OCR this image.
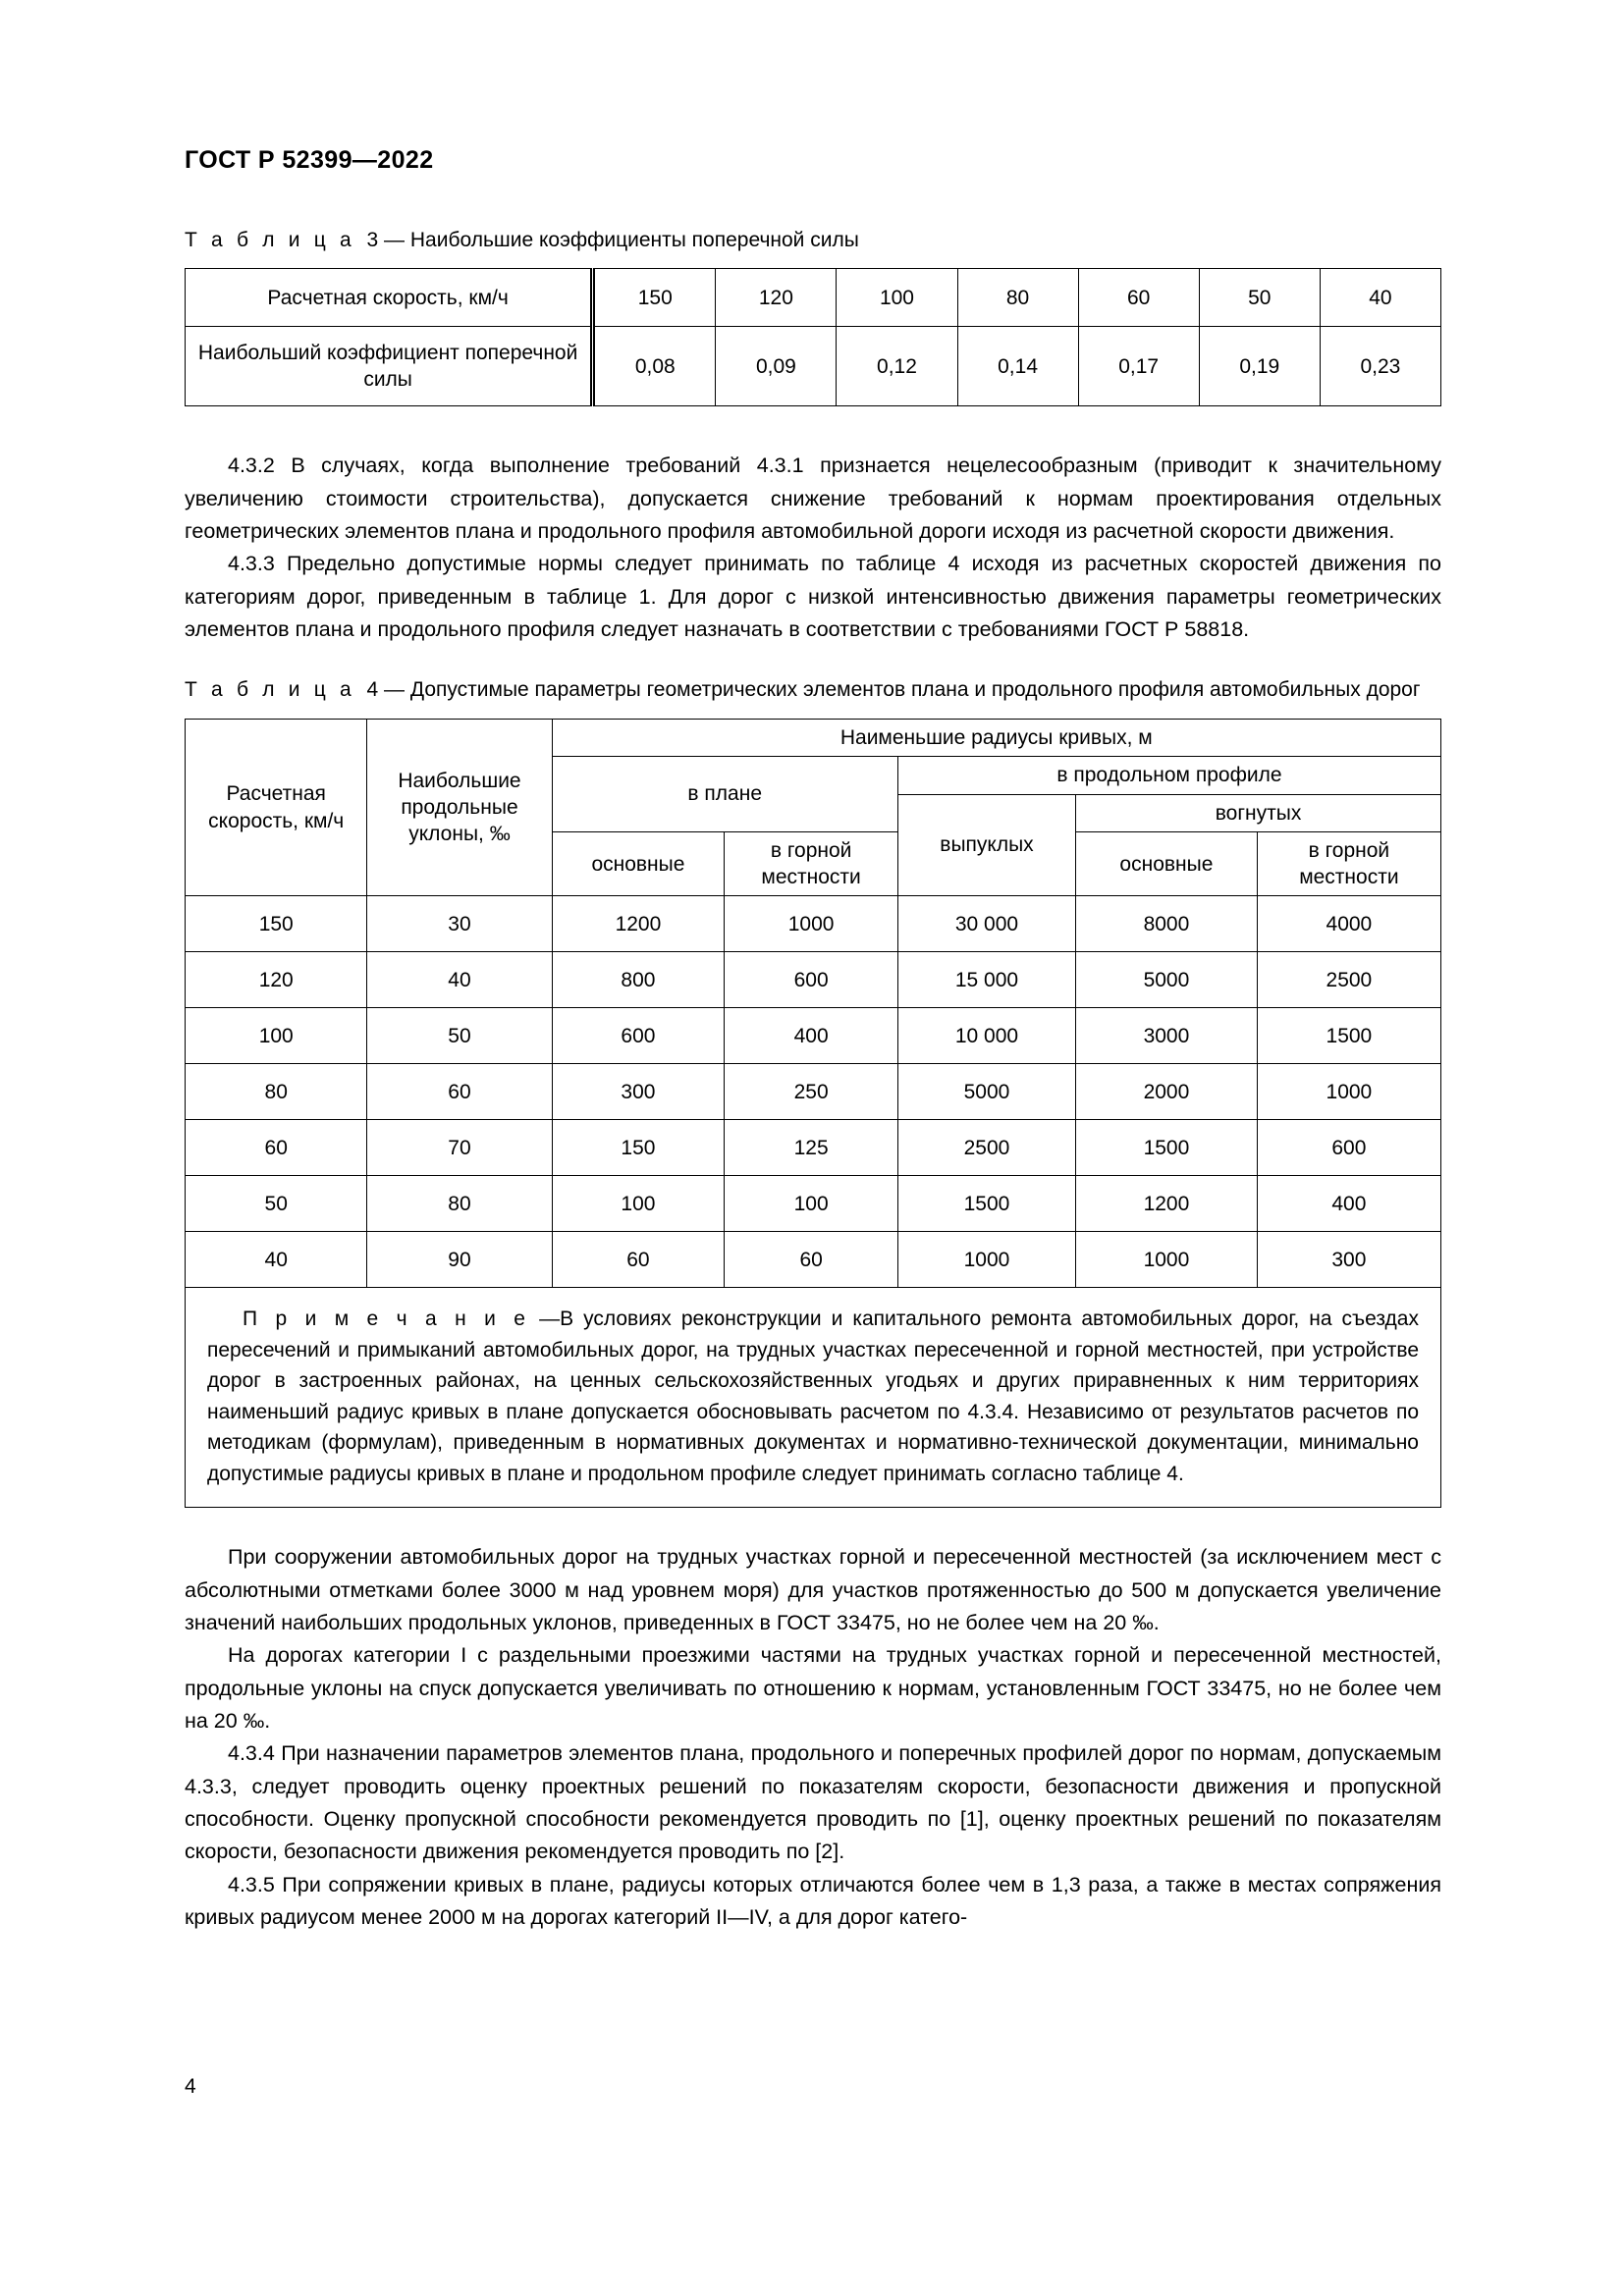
ГОСТ Р 52399—2022
Т а б л и ц а 3 — Наибольшие коэффициенты поперечной силы
Расчетная скорость, км/ч	150	120	100	80	60	50	40
Наибольший коэффициент поперечной силы	0,08	0,09	0,12	0,14	0,17	0,19	0,23

4.3.2 В случаях, когда выполнение требований 4.3.1 признается нецелесообразным (приводит к значительному увеличению стоимости строительства), допускается снижение требований к нормам проектирования отдельных геометрических элементов плана и продольного профиля автомобильной дороги исходя из расчетной скорости движения.

4.3.3 Предельно допустимые нормы следует принимать по таблице 4 исходя из расчетных скоростей движения по категориям дорог, приведенным в таблице 1. Для дорог с низкой интенсивностью движения параметры геометрических элементов плана и продольного профиля следует назначать в соответствии с требованиями ГОСТ Р 58818.

Т а б л и ц а 4 — Допустимые параметры геометрических элементов плана и продольного профиля автомобильных дорог
Расчетная скорость, км/ч	Наибольшие продольные уклоны, ‰	Наименьшие радиусы кривых, м				
		в плане		в продольном профиле		
				выпуклых	вогнутых	
		основные	в горной местности		основные	в горной местности
150	30	1200	1000	30 000	8000	4000
120	40	800	600	15 000	5000	2500
100	50	600	400	10 000	3000	1500
80	60	300	250	5000	2000	1000
60	70	150	125	2500	1500	600
50	80	100	100	1500	1200	400
40	90	60	60	1000	1000	300
П р и м е ч а н и е —В условиях реконструкции и капитального ремонта автомобильных дорог, на съездах пересечений и примыканий автомобильных дорог, на трудных участках пересеченной и горной местностей, при устройстве дорог в застроенных районах, на ценных сельскохозяйственных угодьях и других приравненных к ним территориях наименьший радиус кривых в плане допускается обосновывать расчетом по 4.3.4. Независимо от результатов расчетов по методикам (формулам), приведенным в нормативных документах и нормативно-технической документации, минимально допустимые радиусы кривых в плане и продольном профиле следует принимать согласно таблице 4.						

При сооружении автомобильных дорог на трудных участках горной и пересеченной местностей (за исключением мест с абсолютными отметками более 3000 м над уровнем моря) для участков протяженностью до 500 м допускается увеличение значений наибольших продольных уклонов, приведенных в ГОСТ 33475, но не более чем на 20 ‰.

На дорогах категории I с раздельными проезжими частями на трудных участках горной и пересеченной местностей, продольные уклоны на спуск допускается увеличивать по отношению к нормам, установленным ГОСТ 33475, но не более чем на 20 ‰.

4.3.4 При назначении параметров элементов плана, продольного и поперечных профилей дорог по нормам, допускаемым 4.3.3, следует проводить оценку проектных решений по показателям скорости, безопасности движения и пропускной способности. Оценку пропускной способности рекомендуется проводить по [1], оценку проектных решений по показателям скорости, безопасности движения рекомендуется проводить по [2].

4.3.5 При сопряжении кривых в плане, радиусы которых отличаются более чем в 1,3 раза, а также в местах сопряжения кривых радиусом менее 2000 м на дорогах категорий II—IV, а для дорог катего-

4
